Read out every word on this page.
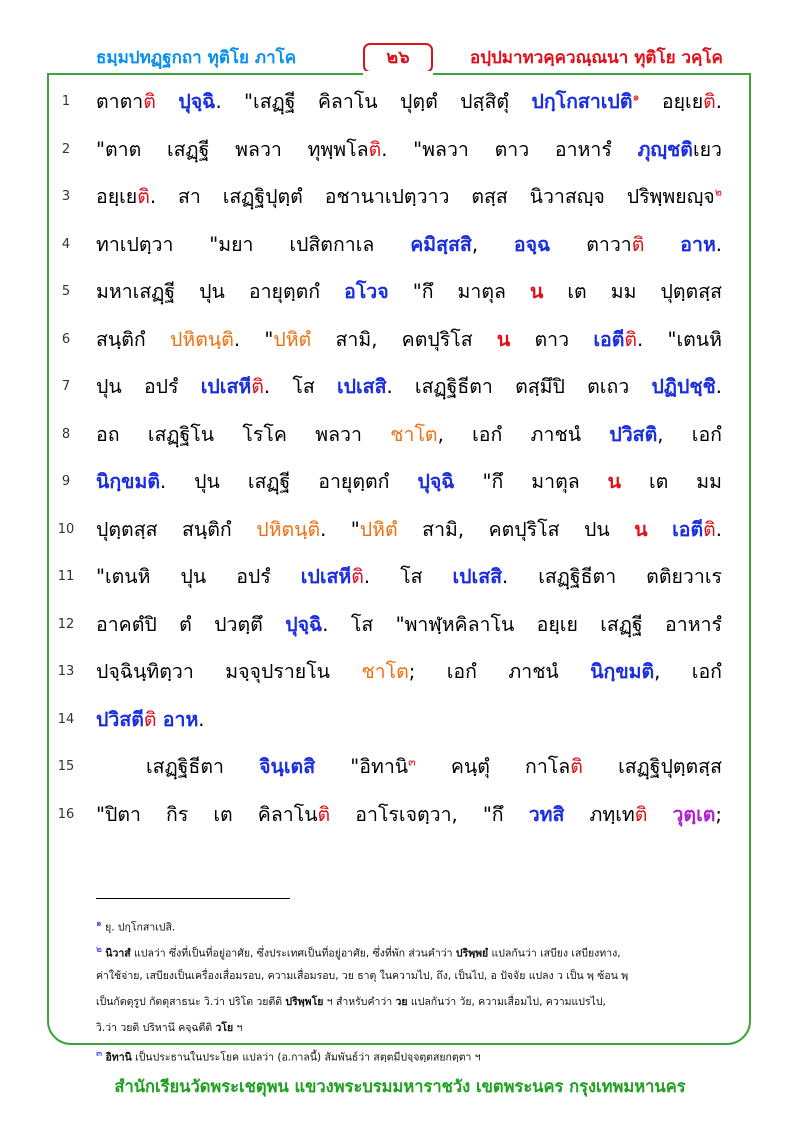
ธมฺมปทฏฺฐกถา ทุติโย ภาโค	๒๖	อปฺปมาทวคฺควณฺณนา ทุติโย วคฺโค
1	ตาตาติ ปุจฺฉิ. "เสฏฺฐี คิลาโน ปุตฺตํ ปสฺสิตุํ ปกฺโกสาเปติ$^๑$ อยฺเยติ.
2	"ตาต เสฏฺฐี พลวา ทุพฺพโลติ. "พลวา ตาว อาหารํ ภุญฺชติเยว
3	อยฺเยติ. สา เสฏฺฐิปุตฺตํ อชานาเปตฺวาว ตสฺส นิวาสญฺจ ปริพฺพยญฺจ$^๒$
4	ทาเปตฺวา "มยา เปสิตกาเล คมิสฺสสิ, อจฺฉ ตาวาติ อาห.
5	มหาเสฏฺฐี ปุน อายุตฺตกํ อโวจ "กึ มาตุล น เต มม ปุตฺตสฺส
6	สนฺติกํ ปหิตนฺติ. "ปหิตํ สามิ, คตปุริโส น ตาว เอตีติ. "เตนหิ
7	ปุน อปรํ เปเสหีติ. โส เปเสสิ. เสฏฺฐิธีตา ตสฺมึปิ ตเถว ปฏิปชฺชิ.
8	อถ เสฏฺฐิโน โรโค พลวา ชาโต, เอกํ ภาชนํ ปวิสติ, เอกํ
9	นิกฺขมติ. ปุน เสฏฺฐี อายุตฺตกํ ปุจฺฉิ "กึ มาตุล น เต มม
10	ปุตฺตสฺส สนฺติกํ ปหิตนฺติ. "ปหิตํ สามิ, คตปุริโส ปน น เอตีติ.
11	"เตนหิ ปุน อปรํ เปเสหีติ. โส เปเสสิ. เสฏฺฐิธีตา ตติยวาเร
12	อาคตํปิ ตํ ปวตฺตึ ปุจฺฉิ. โส "พาฬฺหคิลาโน อยฺเย เสฏฺฐี อาหารํ
13	ปจฺฉินฺทิตฺวา มจฺจุปรายโน ชาโต; เอกํ ภาชนํ นิกฺขมติ, เอกํ
14	ปวิสตีติ อาห.
15	เสฏฺฐิธีตา จินฺเตสิ "อิทานิ$^๓$ คนฺตุํ กาโลติ เสฏฺฐิปุตฺตสฺส
16	"ปิตา กิร เต คิลาโนติ อาโรเจตฺวา, "กึ วทสิ ภทฺเทติ วุตฺเต;
๑ ยุ. ปกฺโกสาเปสิ.
๒ นิวาสํ แปลว่า ซึ่งที่เป็นที่อยู่อาศัย, ซึ่งประเทศเป็นที่อยู่อาศัย, ซึ่งที่พัก ส่วนคำว่า ปริพฺพยํ แปลกันว่า เสบียง เสบียงทาง,
ค่าใช้จ่าย, เสบียงเป็นเครื่องเสื่อมรอบ, ความเสื่อมรอบ, วย ธาตุ ในความไป, ถึง, เป็นไป, อ ปัจจัย แปลง ว เป็น พฺ ซ้อน พฺ
เป็นกัตตุรูป กัตตุสาธนะ วิ.ว่า ปริโต วยตีติ ปริพฺพโย ฯ สำหรับคำว่า วย แปลกันว่า วัย, ความเสื่อมไป, ความแปรไป,
วิ.ว่า วยติ ปริหานึ คจฺฉตีติ วโย ฯ
๓ อิทานิ เป็นประธานในประโยค แปลว่า (อ.กาลนี้) สัมพันธ์ว่า สตฺตมีปจฺจตฺตสยกตฺตา ฯ
สำนักเรียนวัดพระเชตุพน แขวงพระบรมมหาราชวัง เขตพระนคร กรุงเทพมหานคร
